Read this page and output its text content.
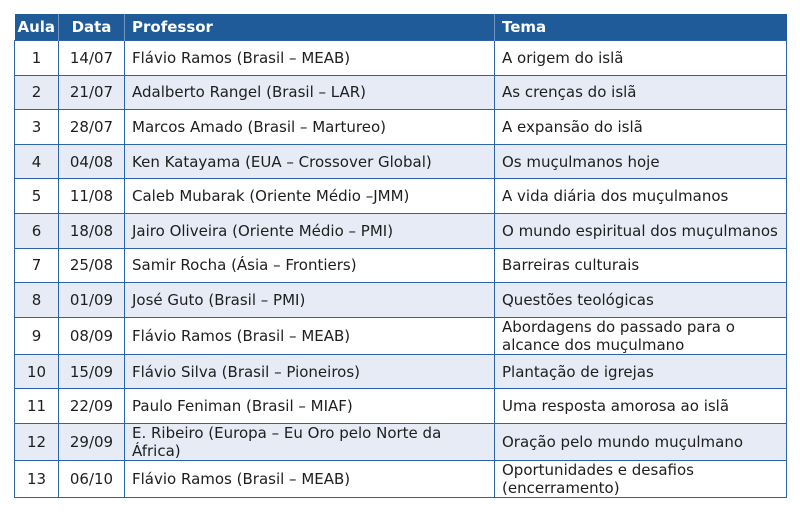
Aula	Data	Professor	Tema
1	14/07	Flávio Ramos (Brasil – MEAB)	A origem do islã
2	21/07	Adalberto Rangel (Brasil – LAR)	As crenças do islã
3	28/07	Marcos Amado (Brasil – Martureo)	A expansão do islã
4	04/08	Ken Katayama (EUA – Crossover Global)	Os muçulmanos hoje
5	11/08	Caleb Mubarak (Oriente Médio –JMM)	A vida diária dos muçulmanos
6	18/08	Jairo Oliveira (Oriente Médio – PMI)	O mundo espiritual dos muçulmanos
7	25/08	Samir Rocha (Ásia – Frontiers)	Barreiras culturais
8	01/09	José Guto (Brasil – PMI)	Questões teológicas
9	08/09	Flávio Ramos (Brasil – MEAB)	Abordagens do passado para o alcance dos muçulmano
10	15/09	Flávio Silva (Brasil – Pioneiros)	Plantação de igrejas
11	22/09	Paulo Feniman (Brasil – MIAF)	Uma resposta amorosa ao islã
12	29/09	E. Ribeiro (Europa – Eu Oro pelo Norte da África)	Oração pelo mundo muçulmano
13	06/10	Flávio Ramos (Brasil – MEAB)	Oportunidades e desafios (encerramento)
